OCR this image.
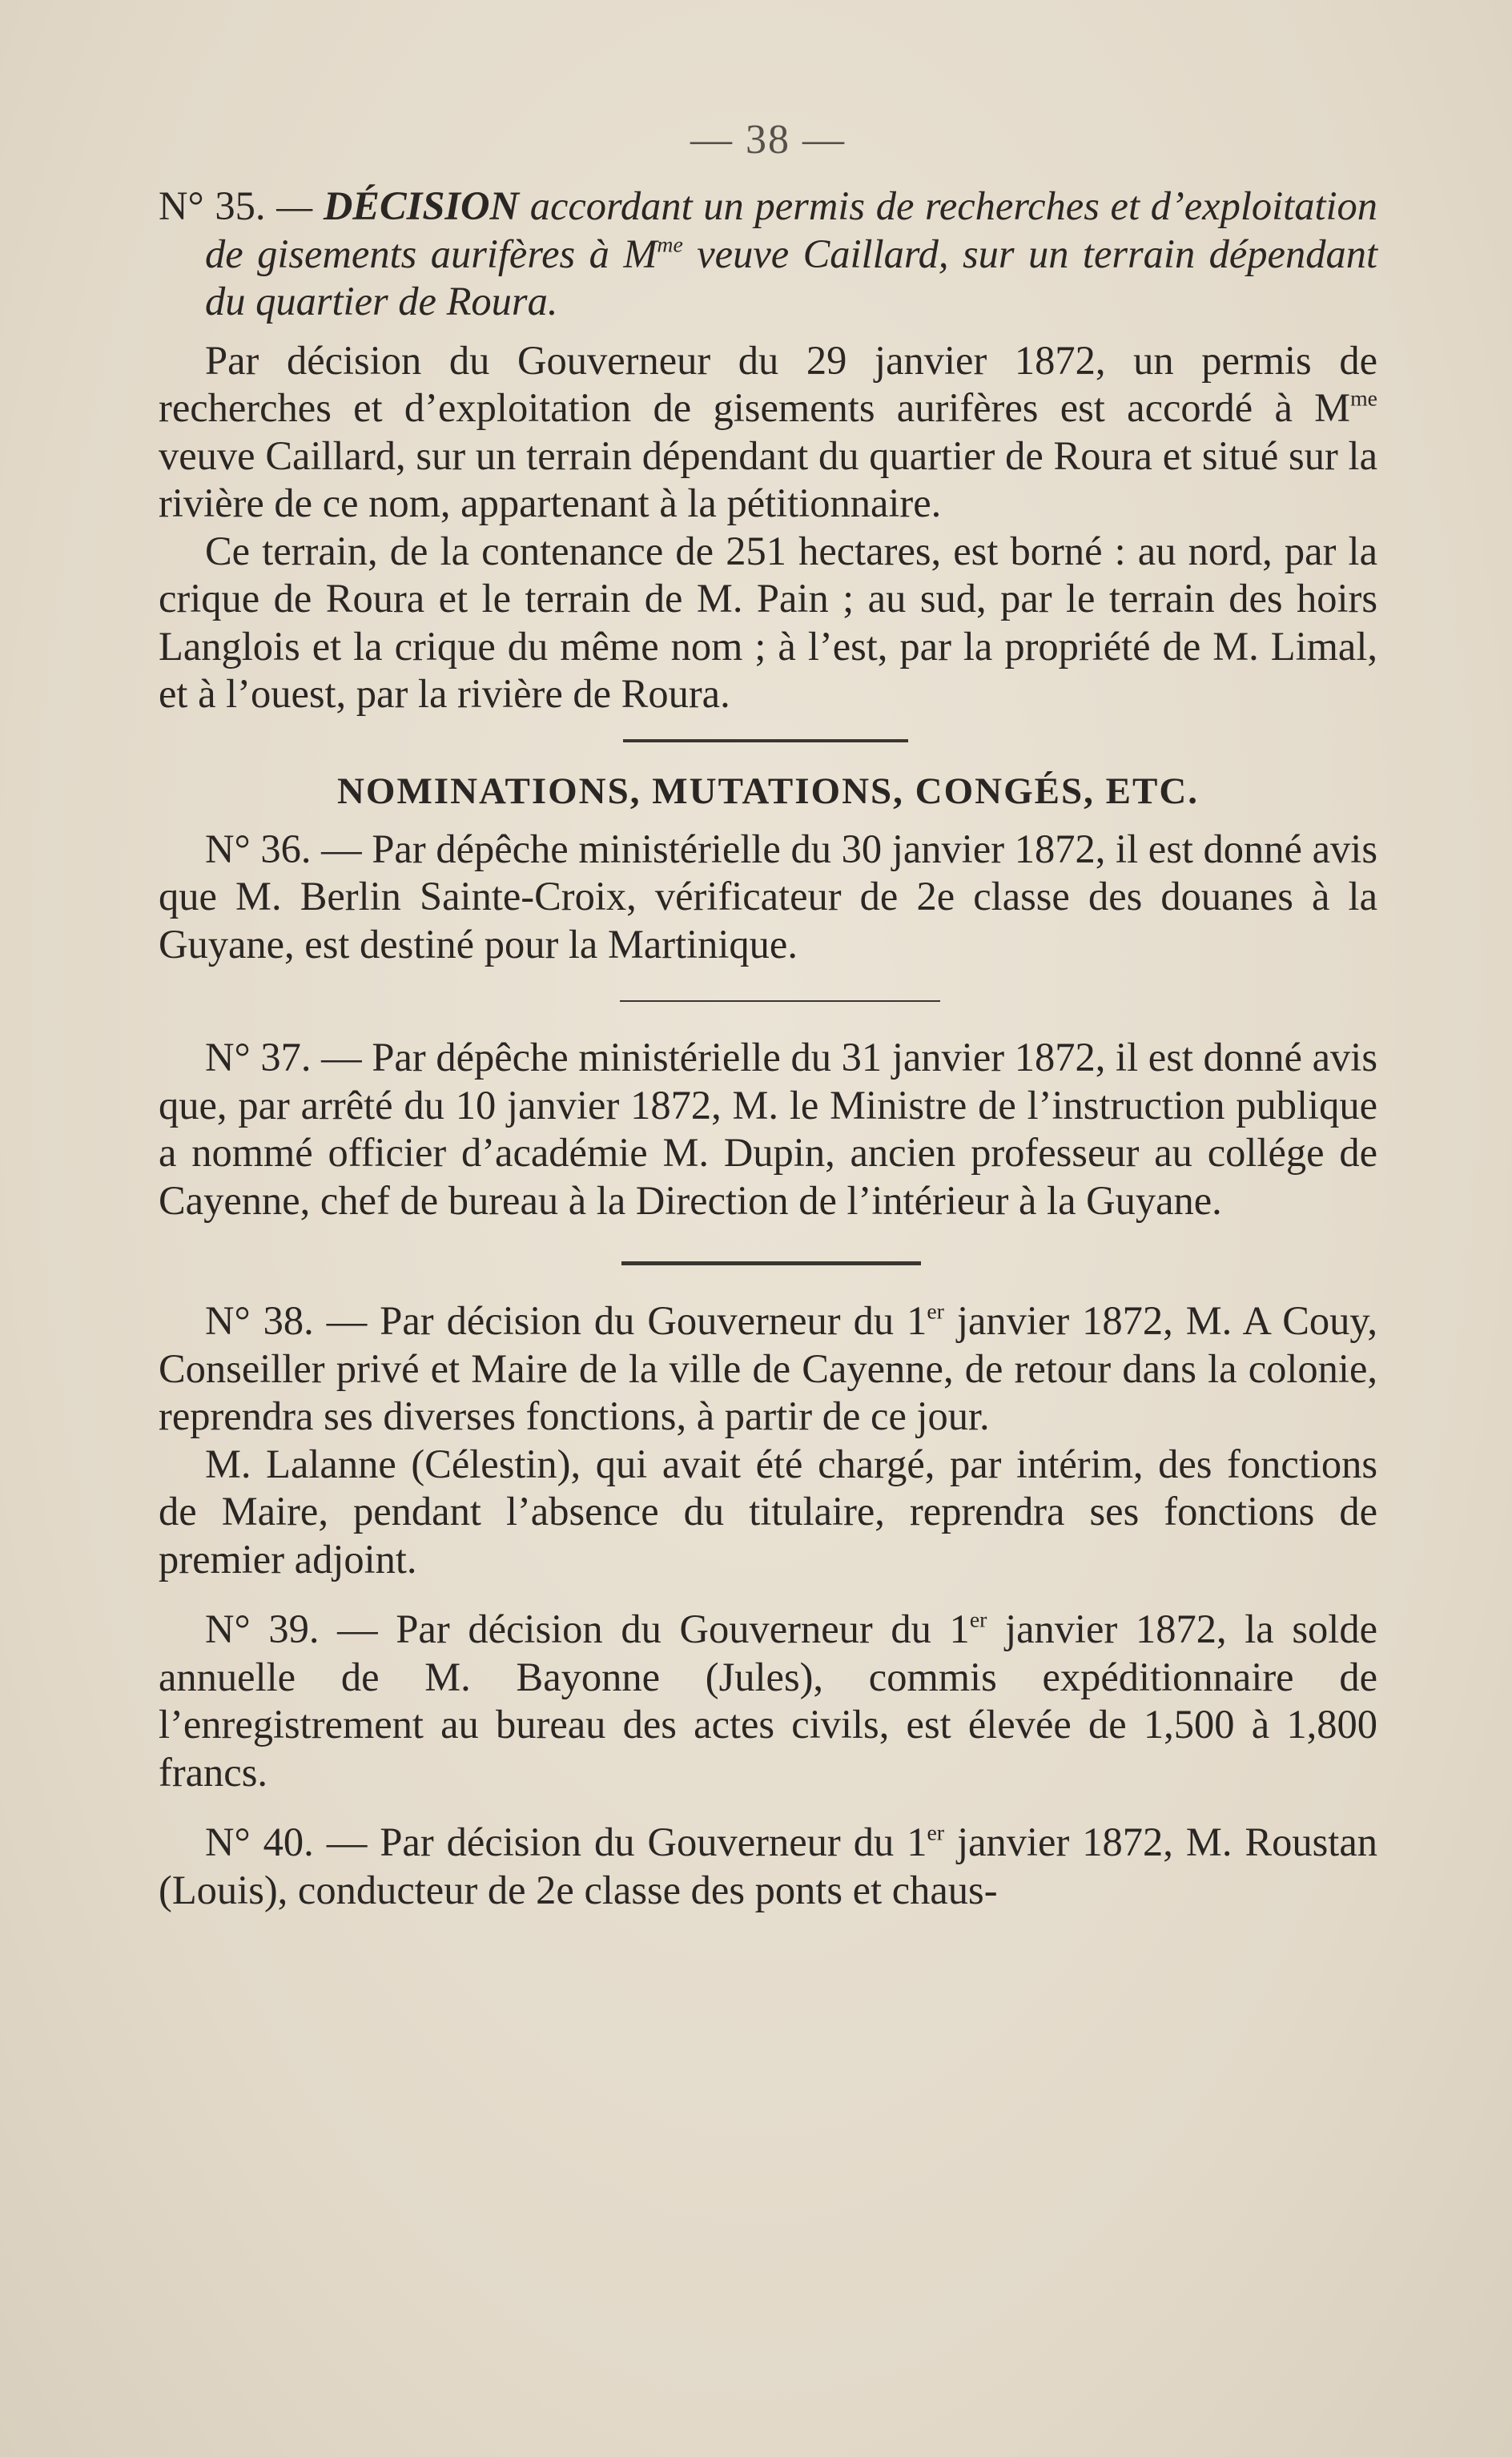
— 38 —

N° 35. — DÉCISION accordant un permis de recherches et d’exploitation de gisements aurifères à $M^{me}$ veuve Caillard, sur un terrain dépendant du quartier de Roura.

Par décision du Gouverneur du 29 janvier 1872, un permis de recherches et d’exploitation de gisements aurifères est accordé à $M^{me}$ veuve Caillard, sur un terrain dépendant du quartier de Roura et situé sur la rivière de ce nom, appartenant à la pétitionnaire.

Ce terrain, de la contenance de 251 hectares, est borné : au nord, par la crique de Roura et le terrain de M. Pain ; au sud, par le terrain des hoirs Langlois et la crique du même nom ; à l’est, par la propriété de M. Limal, et à l’ouest, par la rivière de Roura.

NOMINATIONS, MUTATIONS, CONGÉS, ETC.

N° 36. — Par dépêche ministérielle du 30 janvier 1872, il est donné avis que M. Berlin Sainte-Croix, vérificateur de 2e classe des douanes à la Guyane, est destiné pour la Martinique.

N° 37. — Par dépêche ministérielle du 31 janvier 1872, il est donné avis que, par arrêté du 10 janvier 1872, M. le Ministre de l’instruction publique a nommé officier d’académie M. Dupin, ancien professeur au collége de Cayenne, chef de bureau à la Direction de l’intérieur à la Guyane.

N° 38. — Par décision du Gouverneur du 1er janvier 1872, M. A Couy, Conseiller privé et Maire de la ville de Cayenne, de retour dans la colonie, reprendra ses diverses fonctions, à partir de ce jour.

M. Lalanne (Célestin), qui avait été chargé, par intérim, des fonctions de Maire, pendant l’absence du titulaire, reprendra ses fonctions de premier adjoint.

N° 39. — Par décision du Gouverneur du 1er janvier 1872, la solde annuelle de M. Bayonne (Jules), commis expéditionnaire de l’enregistrement au bureau des actes civils, est élevée de 1,500 à 1,800 francs.

N° 40. — Par décision du Gouverneur du 1er janvier 1872, M. Roustan (Louis), conducteur de 2e classe des ponts et chaus-
